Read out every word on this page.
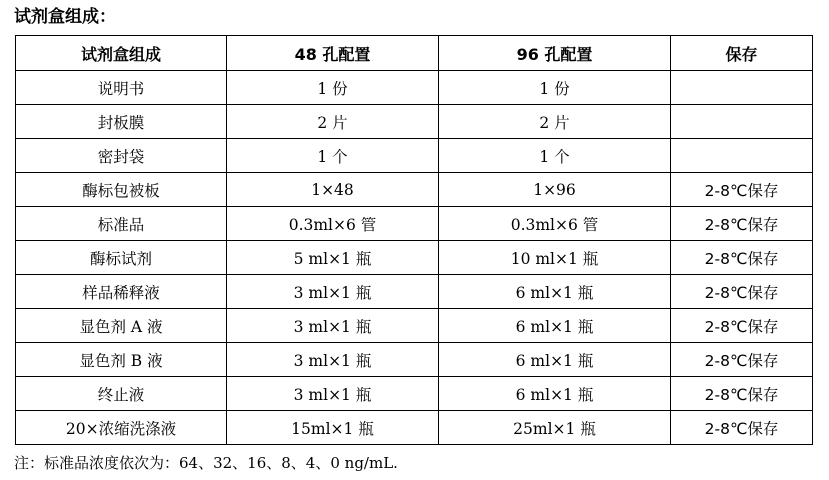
试剂盒组成：
试剂盒组成	48 孔配置	96 孔配置	保存
说明书	1 份	1 份	
封板膜	2 片	2 片	
密封袋	1 个	1 个	
酶标包被板	1×48	1×96	2-8℃保存
标准品	0.3ml×6 管	0.3ml×6 管	2-8℃保存
酶标试剂	5 ml×1 瓶	10 ml×1 瓶	2-8℃保存
样品稀释液	3 ml×1 瓶	6 ml×1 瓶	2-8℃保存
显色剂 A 液	3 ml×1 瓶	6 ml×1 瓶	2-8℃保存
显色剂 B 液	3 ml×1 瓶	6 ml×1 瓶	2-8℃保存
终止液	3 ml×1 瓶	6 ml×1 瓶	2-8℃保存
20×浓缩洗涤液	15ml×1 瓶	25ml×1 瓶	2-8℃保存
注：标准品浓度依次为：64、32、16、8、4、0 ng/mL.
